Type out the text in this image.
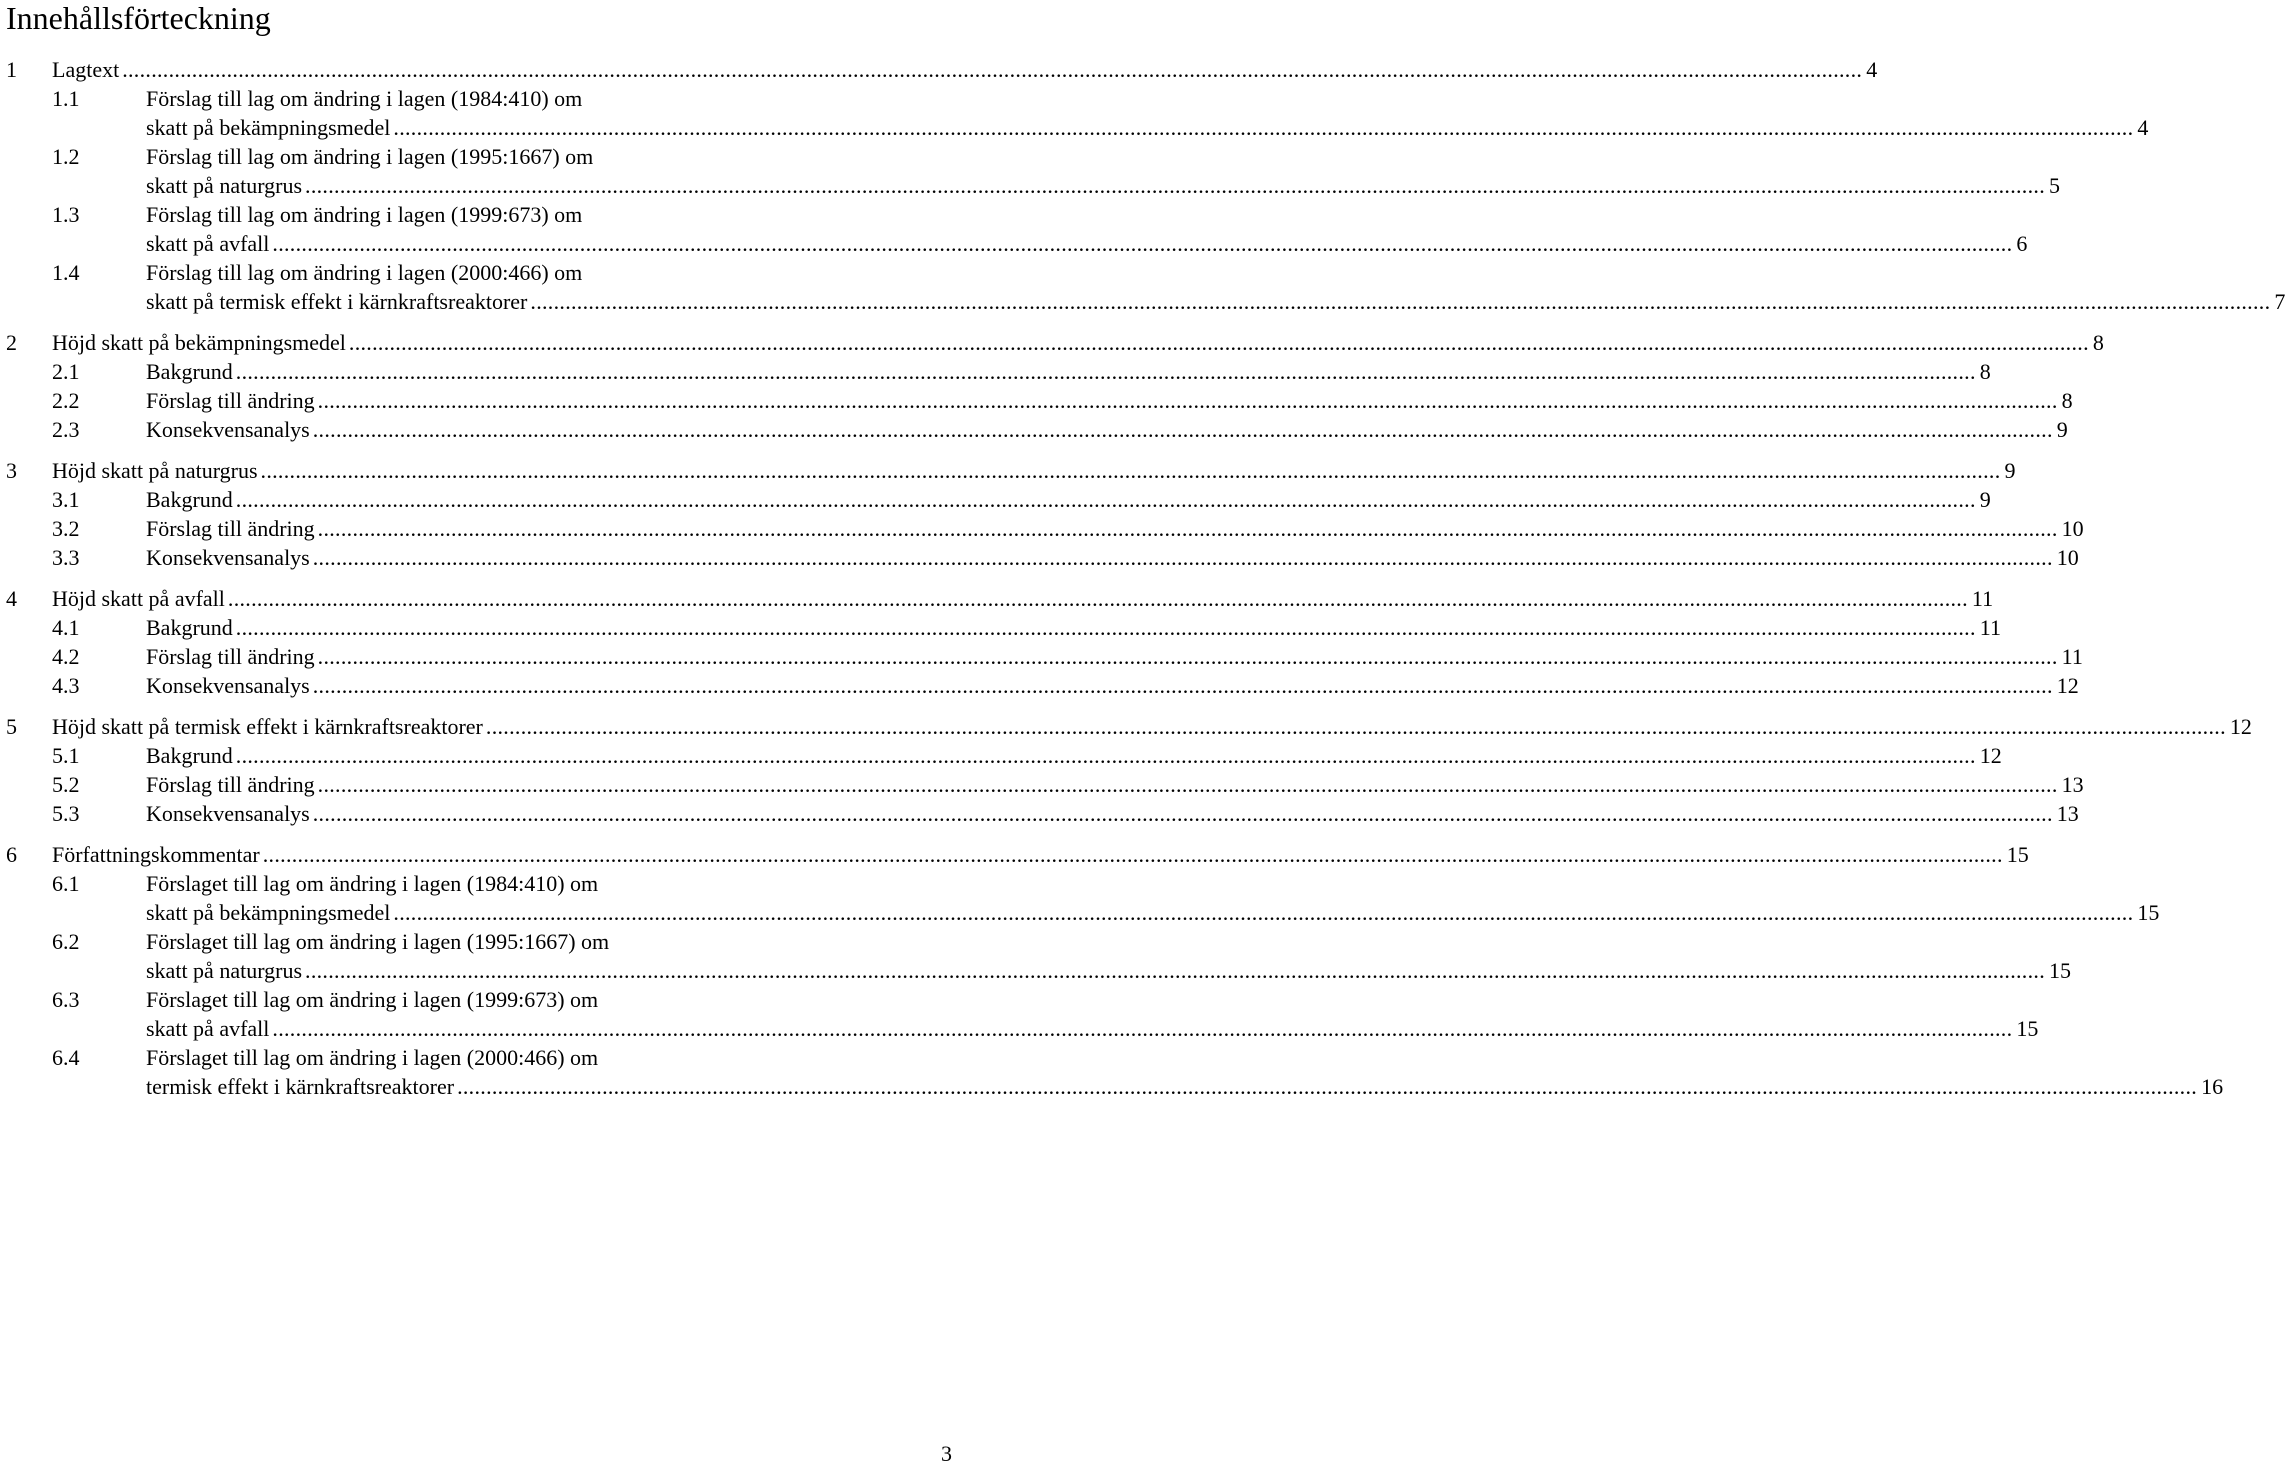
Innehållsförteckning
1 Lagtext ............................................................................................................................................................................................................................................................................................................ 4
1.1	Förslag till lag om ändring i lagen (1984:410) om
skatt på bekämpningsmedel ............................................................................................................................................................................................................................................................................................................ 4
1.2	Förslag till lag om ändring i lagen (1995:1667) om
skatt på naturgrus ............................................................................................................................................................................................................................................................................................................ 5
1.3	Förslag till lag om ändring i lagen (1999:673) om
skatt på avfall ............................................................................................................................................................................................................................................................................................................ 6
1.4	Förslag till lag om ändring i lagen (2000:466) om
skatt på termisk effekt i kärnkraftsreaktorer ............................................................................................................................................................................................................................................................................................................ 7
2 Höjd skatt på bekämpningsmedel ............................................................................................................................................................................................................................................................................................................ 8
2.1	Bakgrund ............................................................................................................................................................................................................................................................................................................ 8
2.2	Förslag till ändring ............................................................................................................................................................................................................................................................................................................ 8
2.3	Konsekvensanalys ............................................................................................................................................................................................................................................................................................................ 9
3 Höjd skatt på naturgrus ............................................................................................................................................................................................................................................................................................................ 9
3.1	Bakgrund ............................................................................................................................................................................................................................................................................................................ 9
3.2	Förslag till ändring ............................................................................................................................................................................................................................................................................................................ 10
3.3	Konsekvensanalys ............................................................................................................................................................................................................................................................................................................ 10
4 Höjd skatt på avfall ............................................................................................................................................................................................................................................................................................................ 11
4.1	Bakgrund ............................................................................................................................................................................................................................................................................................................ 11
4.2	Förslag till ändring ............................................................................................................................................................................................................................................................................................................ 11
4.3	Konsekvensanalys ............................................................................................................................................................................................................................................................................................................ 12
5 Höjd skatt på termisk effekt i kärnkraftsreaktorer ............................................................................................................................................................................................................................................................................................................ 12
5.1	Bakgrund ............................................................................................................................................................................................................................................................................................................ 12
5.2	Förslag till ändring ............................................................................................................................................................................................................................................................................................................ 13
5.3	Konsekvensanalys ............................................................................................................................................................................................................................................................................................................ 13
6 Författningskommentar ............................................................................................................................................................................................................................................................................................................ 15
6.1	Förslaget till lag om ändring i lagen (1984:410) om
skatt på bekämpningsmedel ............................................................................................................................................................................................................................................................................................................ 15
6.2	Förslaget till lag om ändring i lagen (1995:1667) om
skatt på naturgrus ............................................................................................................................................................................................................................................................................................................ 15
6.3	Förslaget till lag om ändring i lagen (1999:673) om
skatt på avfall ............................................................................................................................................................................................................................................................................................................ 15
6.4	Förslaget till lag om ändring i lagen (2000:466) om
termisk effekt i kärnkraftsreaktorer ............................................................................................................................................................................................................................................................................................................ 16
3
